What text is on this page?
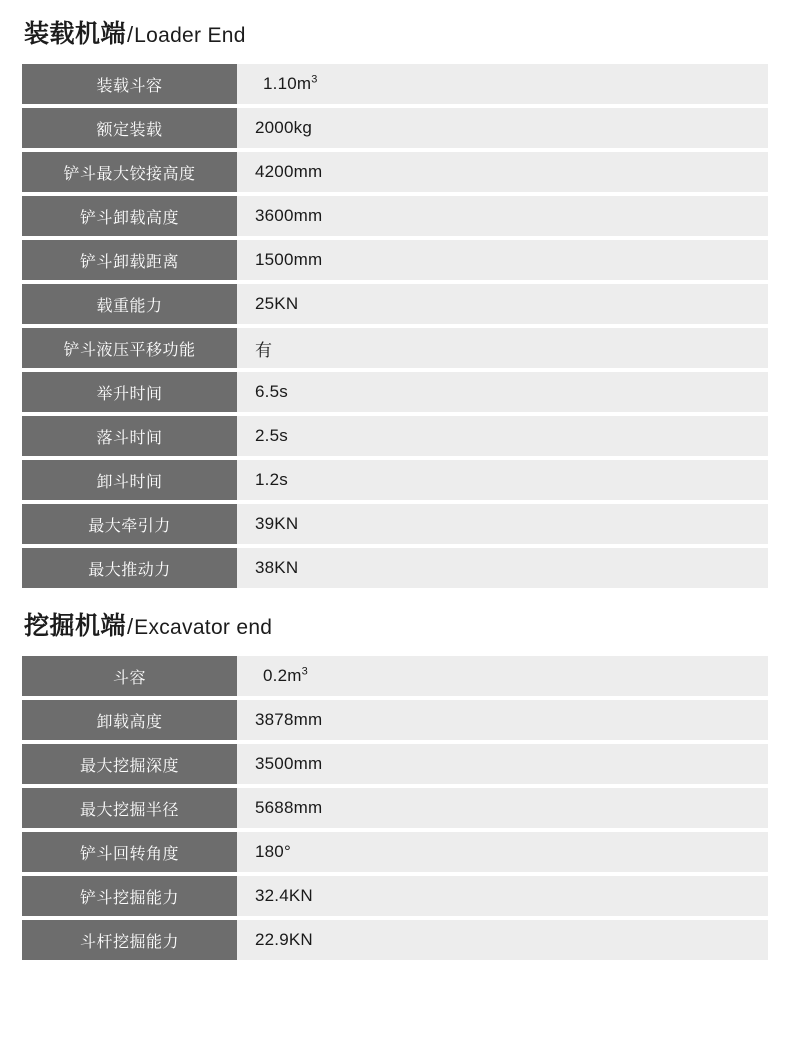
装载机端 / Loader End
装载斗容	$1.10m^3$
额定装载	2000kg
铲斗最大铰接高度	4200mm
铲斗卸载高度	3600mm
铲斗卸载距离	1500mm
载重能力	25KN
铲斗液压平移功能	有
举升时间	6.5s
落斗时间	2.5s
卸斗时间	1.2s
最大牵引力	39KN
最大推动力	38KN
挖掘机端 / Excavator end
斗容	$0.2m^3$
卸载高度	3878mm
最大挖掘深度	3500mm
最大挖掘半径	5688mm
铲斗回转角度	180°
铲斗挖掘能力	32.4KN
斗杆挖掘能力	22.9KN
